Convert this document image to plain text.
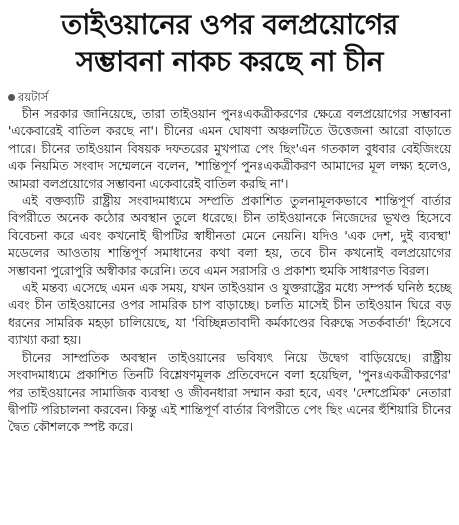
তাইওয়ানের ওপর বলপ্রয়োগের
সম্ভাবনা নাকচ করছে না চীন
রয়টার্স

চীন সরকার জানিয়েছে, তারা তাইওয়ান পুনঃএকত্রীকরণের ক্ষেত্রে বলপ্রয়োগের সম্ভাবনা 'একেবারেই বাতিল করছে না'। চীনের এমন ঘোষণা অঞ্চলটিতে উত্তেজনা আরো বাড়াতে পারে। চীনের তাইওয়ান বিষয়ক দফতরের মুখপাত্র পেং ছিং'এন গতকাল বুধবার বেইজিংয়ে এক নিয়মিত সংবাদ সম্মেলনে বলেন, 'শান্তিপূর্ণ পুনঃএকত্রীকরণ আমাদের মূল লক্ষ্য হলেও, আমরা বলপ্রয়োগের সম্ভাবনা একেবারেই বাতিল করছি না'।

এই বক্তব্যটি রাষ্ট্রীয় সংবাদমাধ্যমে সম্প্রতি প্রকাশিত তুলনামূলকভাবে শান্তিপূর্ণ বার্তার বিপরীতে অনেক কঠোর অবস্থান তুলে ধরেছে। চীন তাইওয়ানকে নিজেদের ভূখণ্ড হিসেবে বিবেচনা করে এবং কখনোই দ্বীপটির স্বাধীনতা মেনে নেয়নি। যদিও 'এক দেশ, দুই ব্যবস্থা' মডেলের আওতায় শান্তিপূর্ণ সমাধানের কথা বলা হয়, তবে চীন কখনোই বলপ্রয়োগের সম্ভাবনা পুরোপুরি অস্বীকার করেনি। তবে এমন সরাসরি ও প্রকাশ্য হুমকি সাধারণত বিরল।

এই মন্তব্য এসেছে এমন এক সময়, যখন তাইওয়ান ও যুক্তরাষ্ট্রের মধ্যে সম্পর্ক ঘনিষ্ঠ হচ্ছে এবং চীন তাইওয়ানের ওপর সামরিক চাপ বাড়াচ্ছে। চলতি মাসেই চীন তাইওয়ান ঘিরে বড় ধরনের সামরিক মহড়া চালিয়েছে, যা 'বিচ্ছিন্নতাবাদী কর্মকাণ্ডের বিরুদ্ধে সতর্কবার্তা' হিসেবে ব্যাখ্যা করা হয়।

চীনের সাম্প্রতিক অবস্থান তাইওয়ানের ভবিষ্যৎ নিয়ে উদ্বেগ বাড়িয়েছে। রাষ্ট্রীয় সংবাদমাধ্যমে প্রকাশিত তিনটি বিশ্লেষণমূলক প্রতিবেদনে বলা হয়েছিল, 'পুনঃএকত্রীকরণের' পর তাইওয়ানের সামাজিক ব্যবস্থা ও জীবনধারা সম্মান করা হবে, এবং 'দেশপ্রেমিক' নেতারা দ্বীপটি পরিচালনা করবেন। কিন্তু এই শান্তিপূর্ণ বার্তার বিপরীতে পেং ছিং এনের হুঁশিয়ারি চীনের দ্বৈত কৌশলকে স্পষ্ট করে।
